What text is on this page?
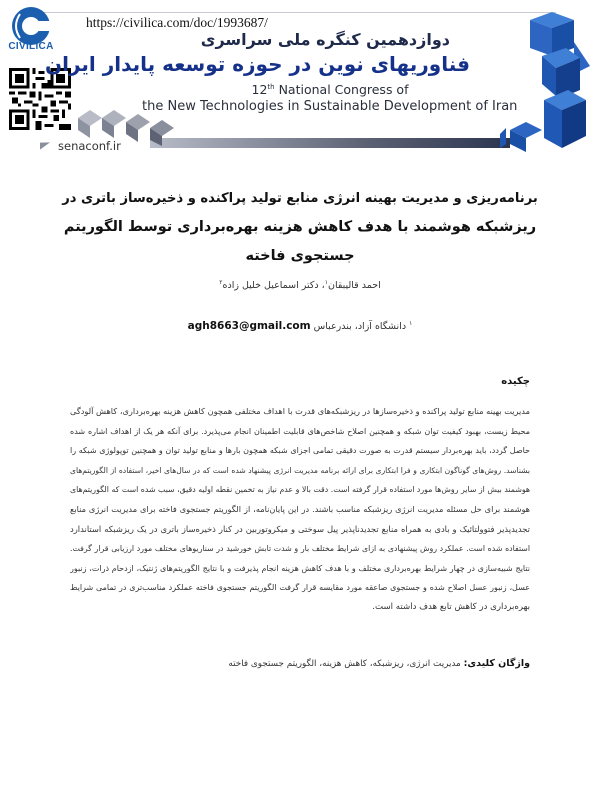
CIVILICA
https://civilica.com/doc/1993687/
دوازدهمین کنگره ملی سراسری
فناوریهای نوین در حوزه توسعه پایدار ایران
12th National Congress of
the New Technologies in Sustainable Development of Iran
senaconf.ir
برنامه‌ریزی و مدیریت بهینه انرژی منابع تولید پراکنده و ذخیره‌ساز باتری در
ریزشبکه هوشمند با هدف کاهش هزینه بهره‌برداری توسط الگوریتم
جستجوی فاخته
احمد قالیبقان$^۱$، دکتر اسماعیل خلیل زاده$^۲$
agh8663@gmail.com	$^۱$ دانشگاه آزاد، بندرعباس
چکیده
مدیریت بهینه منابع تولید پراکنده و ذخیره‌سازها در ریزشبکه‌های قدرت با اهداف مختلفی همچون کاهش هزینه بهره‌برداری، کاهش آلودگی
محیط زیست، بهبود کیفیت توان شبکه و همچنین اصلاح شاخص‌های قابلیت اطمینان انجام می‌پذیرد. برای آنکه هر یک از اهداف اشاره شده
حاصل گردد، باید بهره‌بردار سیستم قدرت به صورت دقیقی تمامی اجزای شبکه همچون بارها و منابع تولید توان و همچنین توپولوژی شبکه را
بشناسد. روش‌های گوناگون ابتکاری و فرا ابتکاری برای ارائه برنامه مدیریت انرژی پیشنهاد شده است که در سال‌های اخیر، استفاده از الگوریتم‌های
هوشمند بیش از سایر روش‌ها مورد استفاده قرار گرفته است. دقت بالا و عدم نیاز به تخمین نقطه اولیه دقیق، سبب شده است که الگوریتم‌های
هوشمند برای حل مسئله مدیریت انرژی ریزشبکه مناسب باشند. در این پایان‌نامه، از الگوریتم جستجوی فاخته برای مدیریت انرژی منابع
تجدیدپذیر فتوولتائیک و بادی به همراه منابع تجدیدناپذیر پیل سوختی و میکروتوربین در کنار ذخیره‌ساز باتری در یک ریزشبکه استاندارد
استفاده شده است. عملکرد روش پیشنهادی به ازای شرایط مختلف بار و شدت تابش خورشید در سناریوهای مختلف مورد ارزیابی قرار گرفت.
نتایج شبیه‌سازی در چهار شرایط بهره‌برداری مختلف و با هدف کاهش هزینه انجام پذیرفت و با نتایج الگوریتم‌های ژنتیک، ازدحام ذرات، زنبور
عسل، زنبور عسل اصلاح شده و جستجوی صاعقه مورد مقایسه قرار گرفت الگوریتم جستجوی فاخته عملکرد مناسب‌تری در تمامی شرایط
بهره‌برداری در کاهش تابع هدف داشته است.
واژگان کلیدی: مدیریت انرژی، ریزشبکه، کاهش هزینه، الگوریتم جستجوی فاخته
